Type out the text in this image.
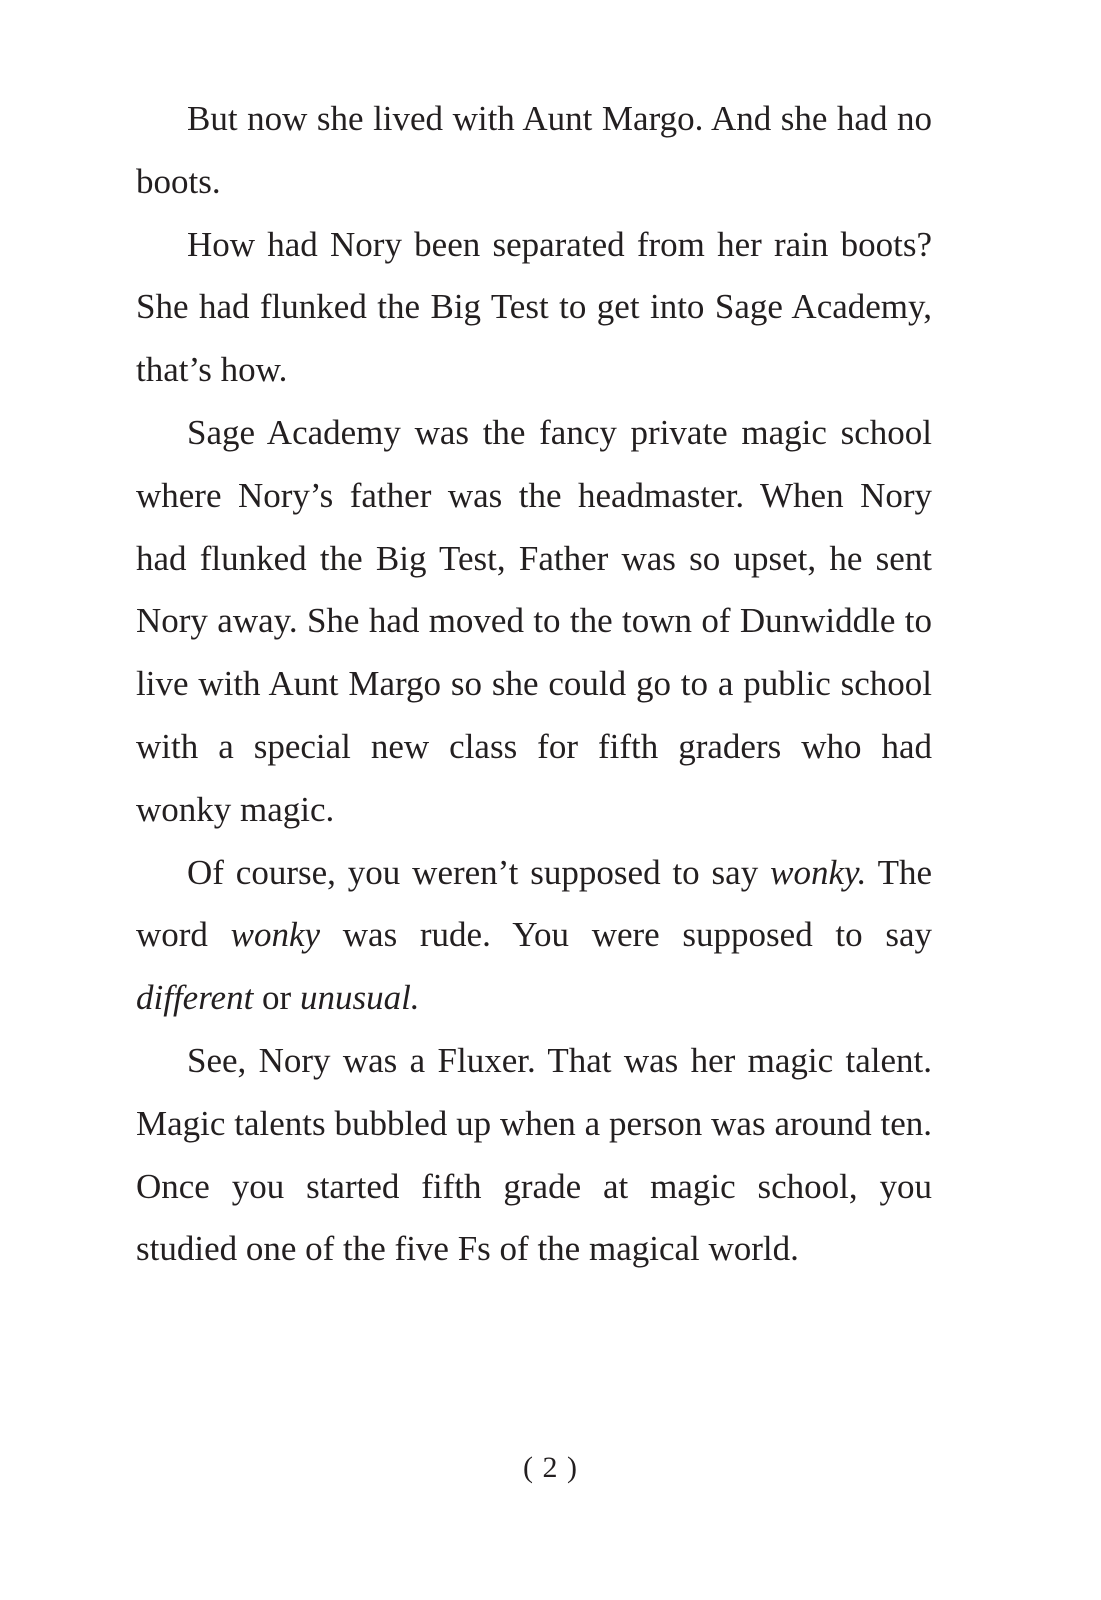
But now she lived with Aunt Margo. And she had no boots.

How had Nory been separated from her rain boots? She had flunked the Big Test to get into Sage Academy, that’s how.

Sage Academy was the fancy private magic school where Nory’s father was the headmaster. When Nory had flunked the Big Test, Father was so upset, he sent Nory away. She had moved to the town of Dunwiddle to live with Aunt Margo so she could go to a public school with a special new class for fifth graders who had wonky magic.

Of course, you weren’t supposed to say wonky. The word wonky was rude. You were supposed to say different or unusual.

See, Nory was a Fluxer. That was her magic talent. Magic talents bubbled up when a person was around ten. Once you started fifth grade at magic school, you studied one of the five Fs of the magical world.

( 2 )
